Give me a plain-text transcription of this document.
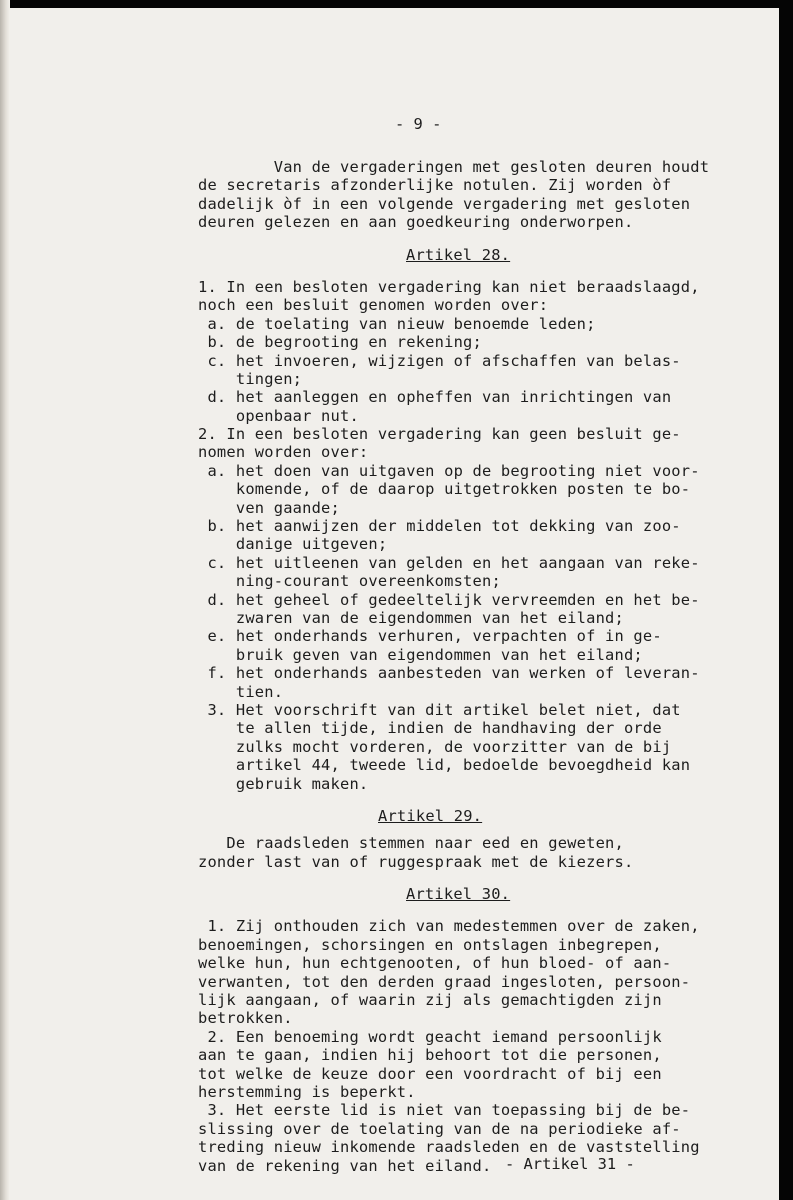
- 9 -
Van de vergaderingen met gesloten deuren houdt
de secretaris afzonderlijke notulen. Zij worden òf
dadelijk òf in een volgende vergadering met gesloten
deuren gelezen en aan goedkeuring onderworpen.
Artikel 28.
1. In een besloten vergadering kan niet beraadslaagd,
noch een besluit genomen worden over:
a. de toelating van nieuw benoemde leden;
b. de begrooting en rekening;
c. het invoeren, wijzigen of afschaffen van belas-
tingen;
d. het aanleggen en opheffen van inrichtingen van
openbaar nut.
2. In een besloten vergadering kan geen besluit ge-
nomen worden over:
a. het doen van uitgaven op de begrooting niet voor-
komende, of de daarop uitgetrokken posten te bo-
ven gaande;
b. het aanwijzen der middelen tot dekking van zoo-
danige uitgeven;
c. het uitleenen van gelden en het aangaan van reke-
ning-courant overeenkomsten;
d. het geheel of gedeeltelijk vervreemden en het be-
zwaren van de eigendommen van het eiland;
e. het onderhands verhuren, verpachten of in ge-
bruik geven van eigendommen van het eiland;
f. het onderhands aanbesteden van werken of leveran-
tien.
3. Het voorschrift van dit artikel belet niet, dat
te allen tijde, indien de handhaving der orde
zulks mocht vorderen, de voorzitter van de bij
artikel 44, tweede lid, bedoelde bevoegdheid kan
gebruik maken.
Artikel 29.
De raadsleden stemmen naar eed en geweten,
zonder last van of ruggespraak met de kiezers.
Artikel 30.
1. Zij onthouden zich van medestemmen over de zaken,
benoemingen, schorsingen en ontslagen inbegrepen,
welke hun, hun echtgenooten, of hun bloed- of aan-
verwanten, tot den derden graad ingesloten, persoon-
lijk aangaan, of waarin zij als gemachtigden zijn
betrokken.
2. Een benoeming wordt geacht iemand persoonlijk
aan te gaan, indien hij behoort tot die personen,
tot welke de keuze door een voordracht of bij een
herstemming is beperkt.
3. Het eerste lid is niet van toepassing bij de be-
slissing over de toelating van de na periodieke af-
treding nieuw inkomende raadsleden en de vaststelling
van de rekening van het eiland. - Artikel 31 -
